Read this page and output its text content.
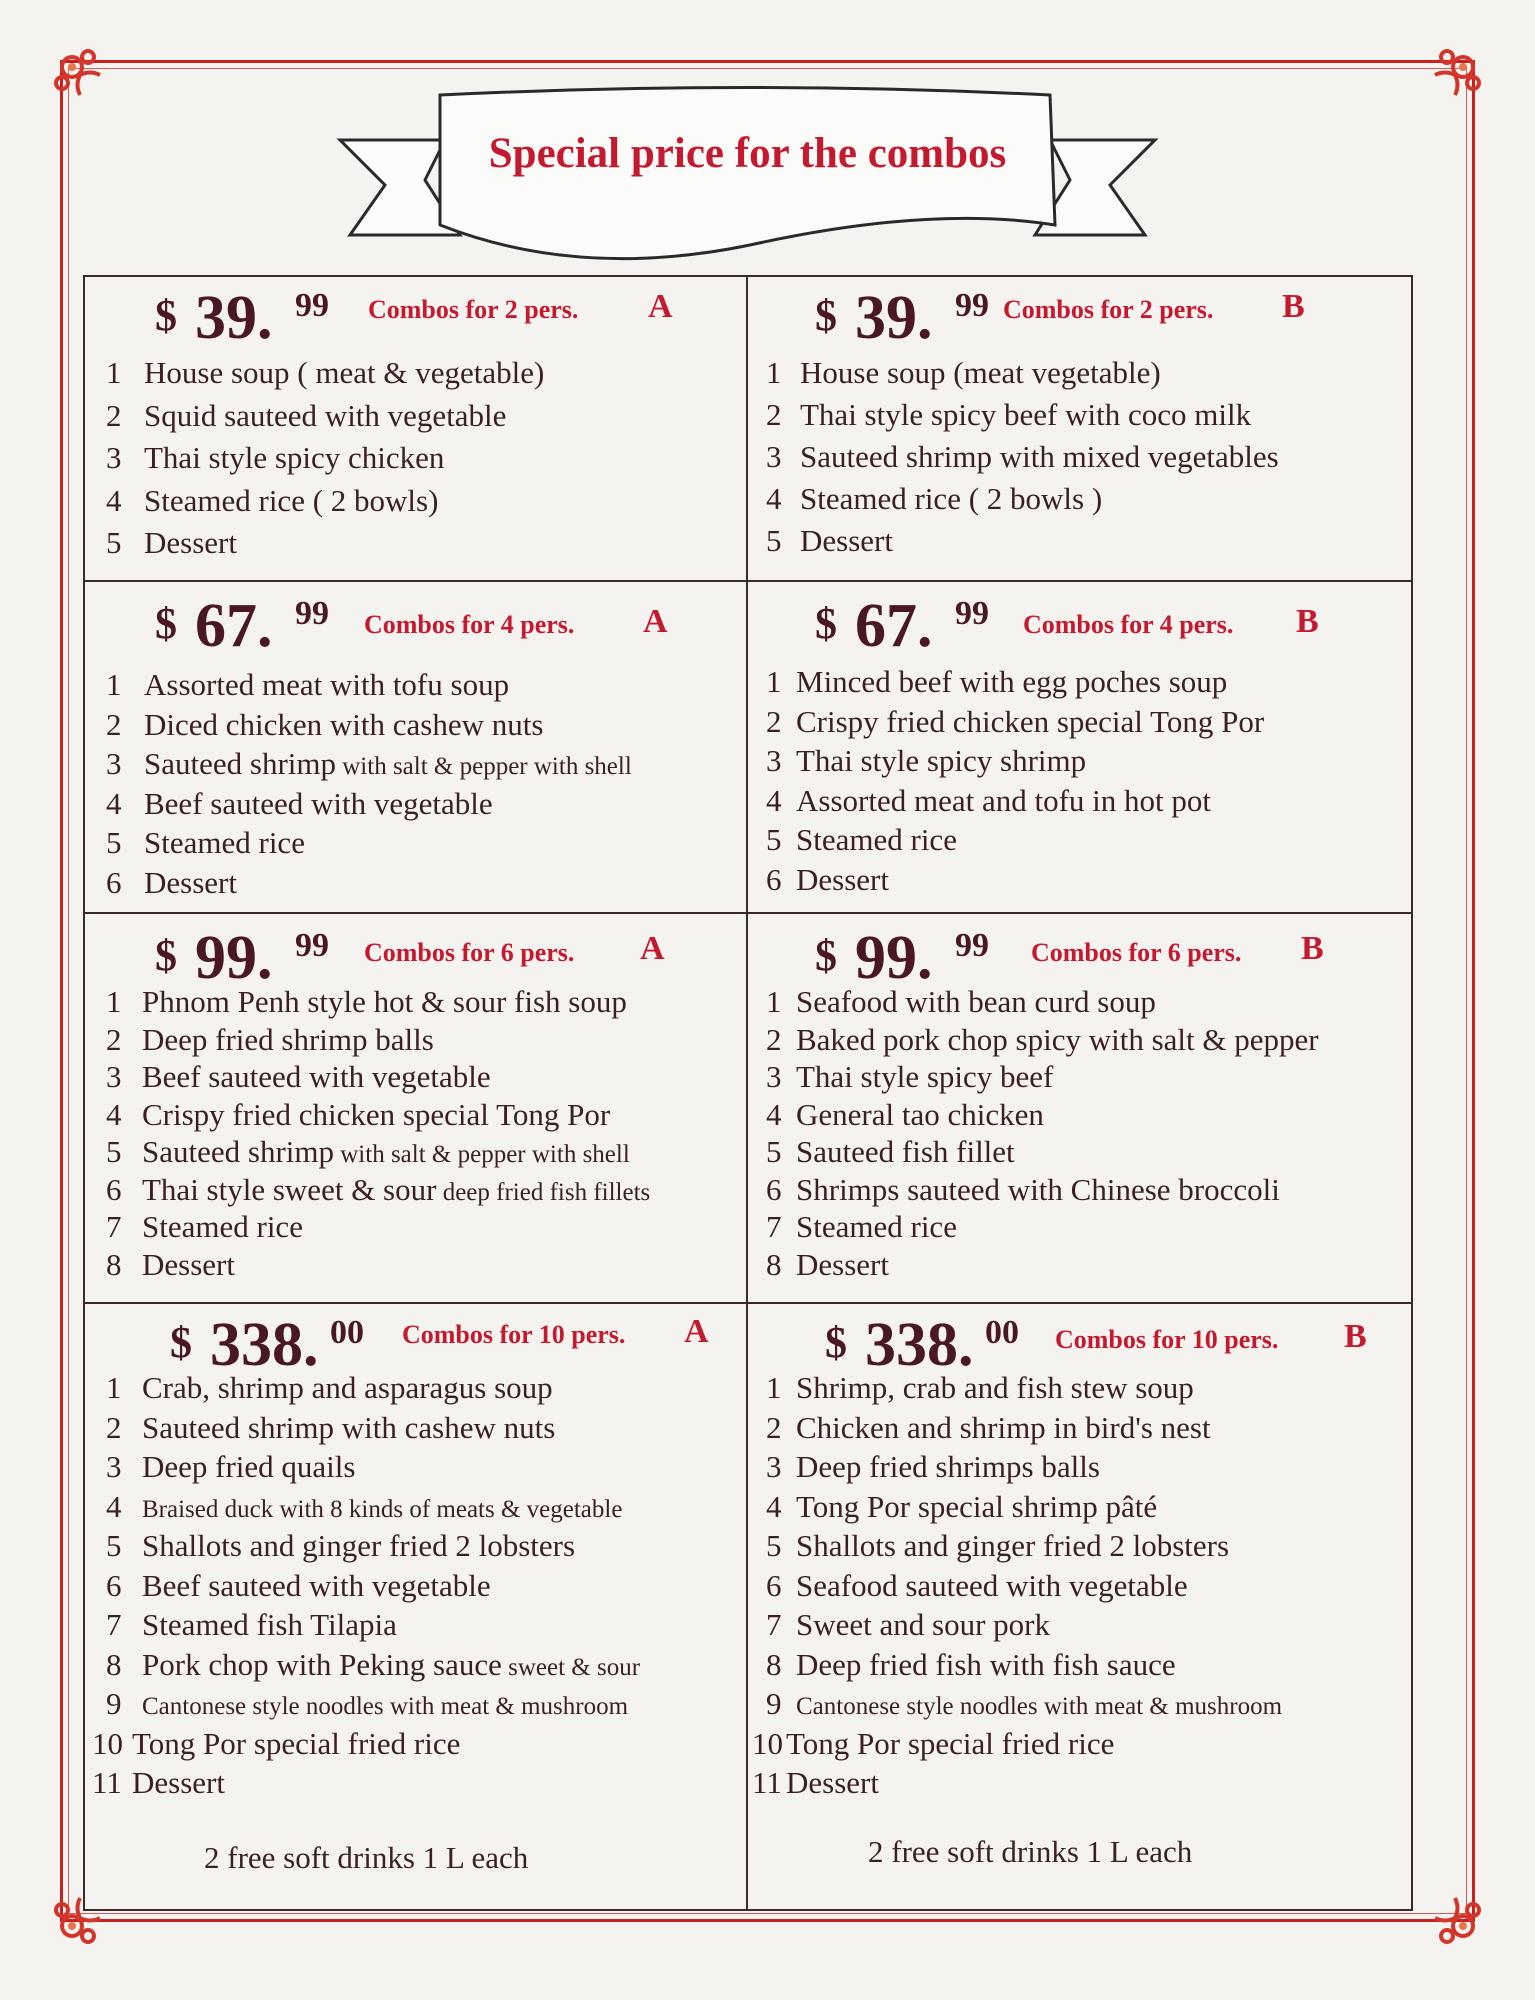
Special price for the combos
$ 39. 99 Combos for 2 pers. A
1 House soup ( meat & vegetable)
2 Squid sauteed with vegetable
3 Thai style spicy chicken
4 Steamed rice ( 2 bowls)
5 Dessert
$ 39. 99 Combos for 2 pers. B
1 House soup (meat vegetable)
2 Thai style spicy beef with coco milk
3 Sauteed shrimp with mixed vegetables
4 Steamed rice ( 2 bowls )
5 Dessert
$ 67. 99 Combos for 4 pers. A
1 Assorted meat with tofu soup
2 Diced chicken with cashew nuts
3 Sauteed shrimp with salt & pepper with shell
4 Beef sauteed with vegetable
5 Steamed rice
6 Dessert
$ 67. 99 Combos for 4 pers. B
1 Minced beef with egg poches soup
2 Crispy fried chicken special Tong Por
3 Thai style spicy shrimp
4 Assorted meat and tofu in hot pot
5 Steamed rice
6 Dessert
$ 99. 99 Combos for 6 pers. A
1 Phnom Penh style hot & sour fish soup
2 Deep fried shrimp balls
3 Beef sauteed with vegetable
4 Crispy fried chicken special Tong Por
5 Sauteed shrimp with salt & pepper with shell
6 Thai style sweet & sour deep fried fish fillets
7 Steamed rice
8 Dessert
$ 99. 99 Combos for 6 pers. B
1 Seafood with bean curd soup
2 Baked pork chop spicy with salt & pepper
3 Thai style spicy beef
4 General tao chicken
5 Sauteed fish fillet
6 Shrimps sauteed with Chinese broccoli
7 Steamed rice
8 Dessert
$ 338. 00 Combos for 10 pers. A
1 Crab, shrimp and asparagus soup
2 Sauteed shrimp with cashew nuts
3 Deep fried quails
4 Braised duck with 8 kinds of meats & vegetable
5 Shallots and ginger fried 2 lobsters
6 Beef sauteed with vegetable
7 Steamed fish Tilapia
8 Pork chop with Peking sauce sweet & sour
9 Cantonese style noodles with meat & mushroom
10 Tong Por special fried rice
11 Dessert
2 free soft drinks 1 L each
$ 338. 00 Combos for 10 pers. B
1 Shrimp, crab and fish stew soup
2 Chicken and shrimp in bird's nest
3 Deep fried shrimps balls
4 Tong Por special shrimp pâté
5 Shallots and ginger fried 2 lobsters
6 Seafood sauteed with vegetable
7 Sweet and sour pork
8 Deep fried fish with fish sauce
9 Cantonese style noodles with meat & mushroom
10Tong Por special fried rice
11 Dessert
2 free soft drinks 1 L each
